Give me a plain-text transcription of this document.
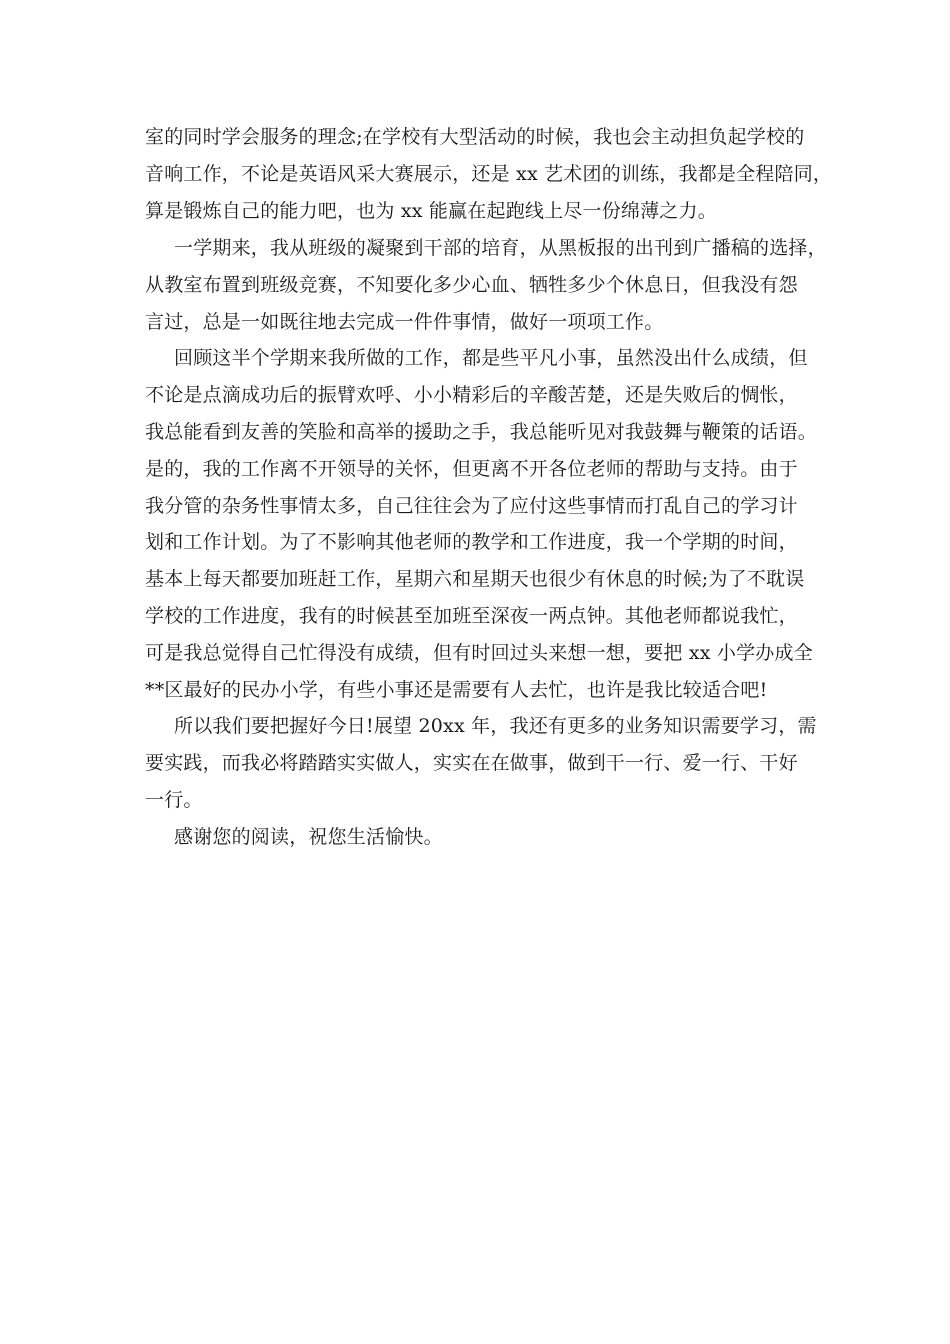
室的同时学会服务的理念;在学校有大型活动的时候，我也会主动担负起学校的
音响工作，不论是英语风采大赛展示，还是 xx 艺术团的训练，我都是全程陪同，
算是锻炼自己的能力吧，也为 xx 能赢在起跑线上尽一份绵薄之力。
一学期来，我从班级的凝聚到干部的培育，从黑板报的出刊到广播稿的选择，
从教室布置到班级竞赛，不知要化多少心血、牺牲多少个休息日，但我没有怨
言过，总是一如既往地去完成一件件事情，做好一项项工作。
回顾这半个学期来我所做的工作，都是些平凡小事，虽然没出什么成绩，但
不论是点滴成功后的振臂欢呼、小小精彩后的辛酸苦楚，还是失败后的惆怅，
我总能看到友善的笑脸和高举的援助之手，我总能听见对我鼓舞与鞭策的话语。
是的，我的工作离不开领导的关怀，但更离不开各位老师的帮助与支持。由于
我分管的杂务性事情太多，自己往往会为了应付这些事情而打乱自己的学习计
划和工作计划。为了不影响其他老师的教学和工作进度，我一个学期的时间，
基本上每天都要加班赶工作，星期六和星期天也很少有休息的时候;为了不耽误
学校的工作进度，我有的时候甚至加班至深夜一两点钟。其他老师都说我忙，
可是我总觉得自己忙得没有成绩，但有时回过头来想一想，要把 xx 小学办成全
**区最好的民办小学，有些小事还是需要有人去忙，也许是我比较适合吧!
所以我们要把握好今日!展望 20xx 年，我还有更多的业务知识需要学习，需
要实践，而我必将踏踏实实做人，实实在在做事，做到干一行、爱一行、干好
一行。
感谢您的阅读，祝您生活愉快。
